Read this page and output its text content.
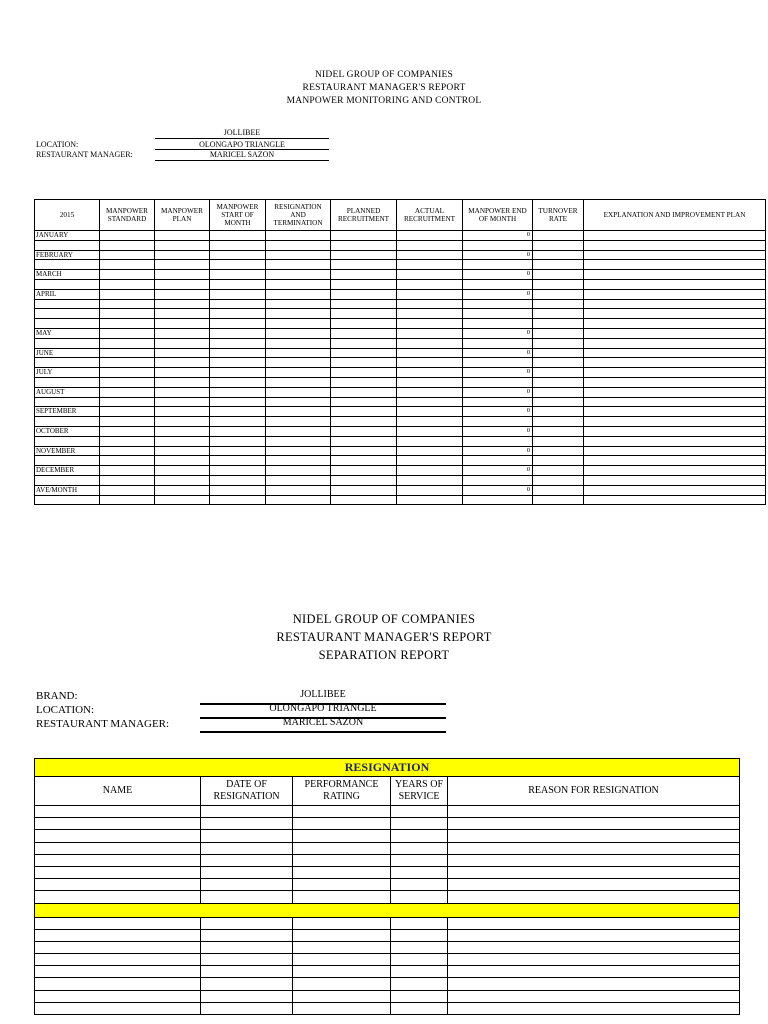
NIDEL GROUP OF COMPANIES
RESTAURANT MANAGER'S REPORT
MANPOWER MONITORING AND CONTROL
JOLLIBEE
LOCATION:	OLONGAPO TRIANGLE
RESTAURANT MANAGER:	MARICEL SAZON
2015	MANPOWER STANDARD	MANPOWER PLAN	MANPOWER START OF MONTH	RESIGNATION AND TERMINATION	PLANNED RECRUITMENT	ACTUAL RECRUITMENT	MANPOWER END OF MONTH	TURNOVER RATE	EXPLANATION AND IMPROVEMENT PLAN
JANUARY							0		

FEBRUARY							0		

MARCH							0		

APRIL							0		

MAY							0		

JUNE							0		

JULY							0		

AUGUST							0		

SEPTEMBER							0		

OCTOBER							0		

NOVEMBER							0		

DECEMBER							0		

AVE/MONTH							0		

NIDEL GROUP OF COMPANIES
RESTAURANT MANAGER'S REPORT
SEPARATION REPORT
BRAND:	JOLLIBEE
LOCATION:	OLONGAPO TRIANGLE
RESTAURANT MANAGER:	MARICEL SAZON
RESIGNATION				
NAME	DATE OF RESIGNATION	PERFORMANCE RATING	YEARS OF SERVICE	REASON FOR RESIGNATION
